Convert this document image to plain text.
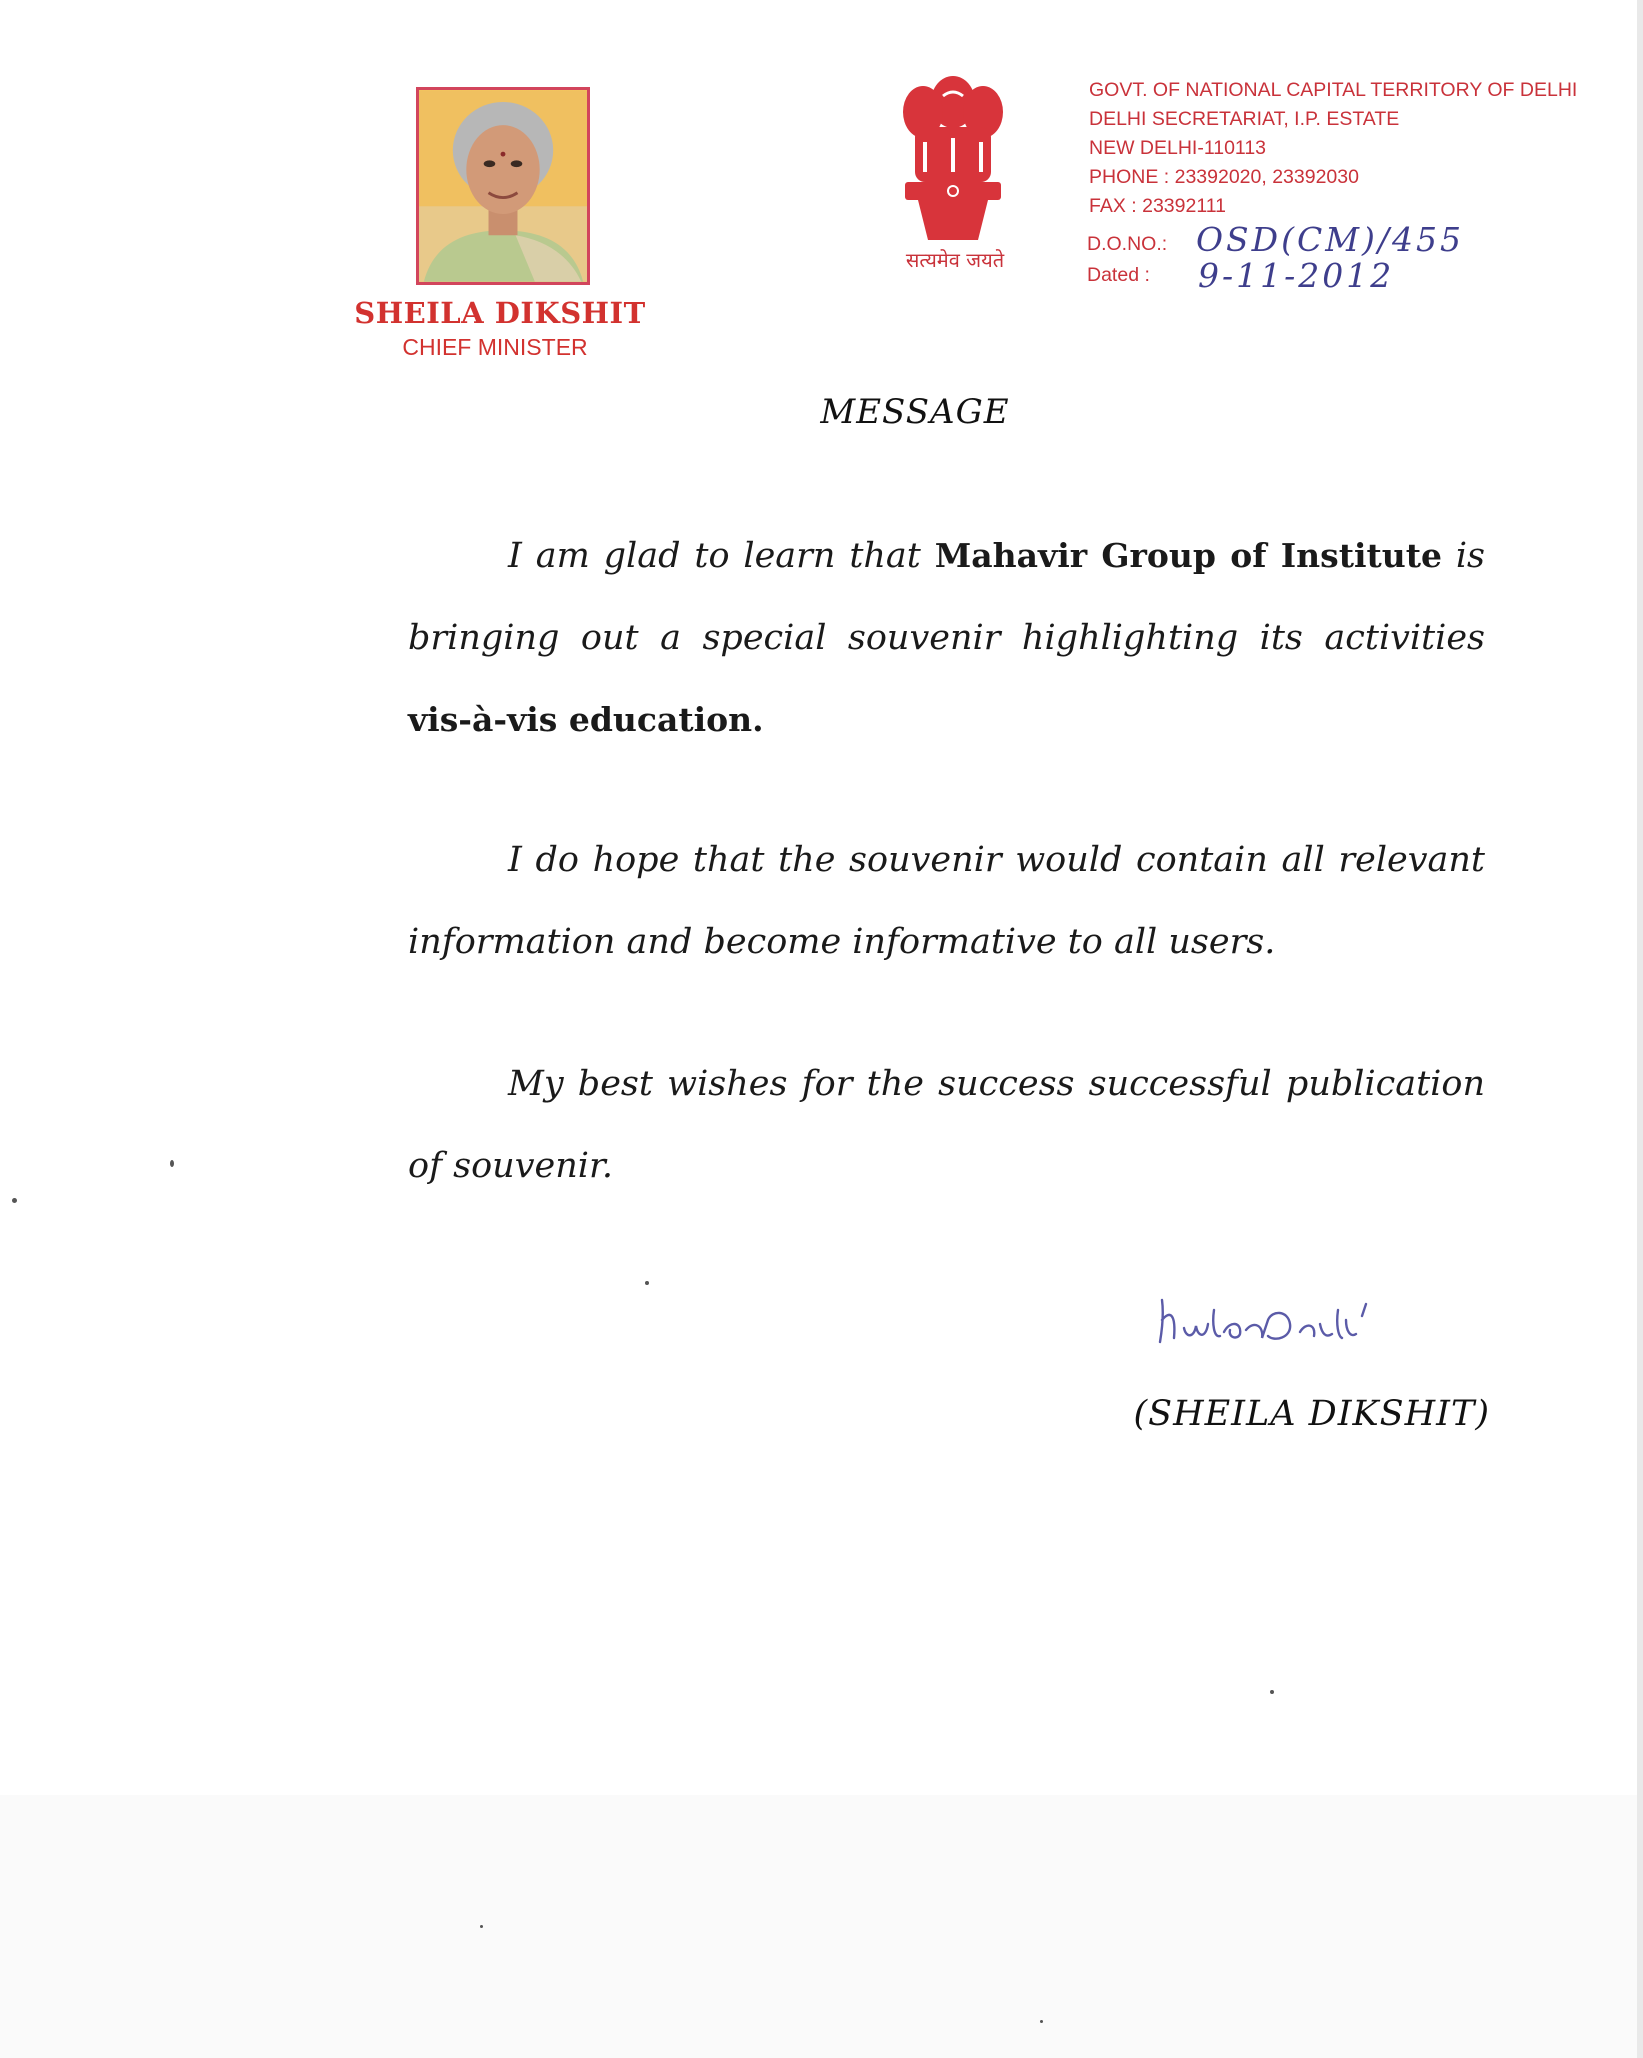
SHEILA DIKSHIT
CHIEF MINISTER
सत्यमेव जयते
GOVT. OF NATIONAL CAPITAL TERRITORY OF DELHI
DELHI SECRETARIAT, I.P. ESTATE
NEW DELHI-110113
PHONE : 23392020, 23392030
FAX : 23392111
D.O.NO.: OSD(CM)/455
Dated : 9-11-2012
MESSAGE
I am glad to learn that Mahavir Group of Institute is bringing out a special souvenir highlighting its activities vis-à-vis education.
I do hope that the souvenir would contain all relevant information and become informative to all users.
My best wishes for the success successful publication of souvenir.
(SHEILA DIKSHIT)
